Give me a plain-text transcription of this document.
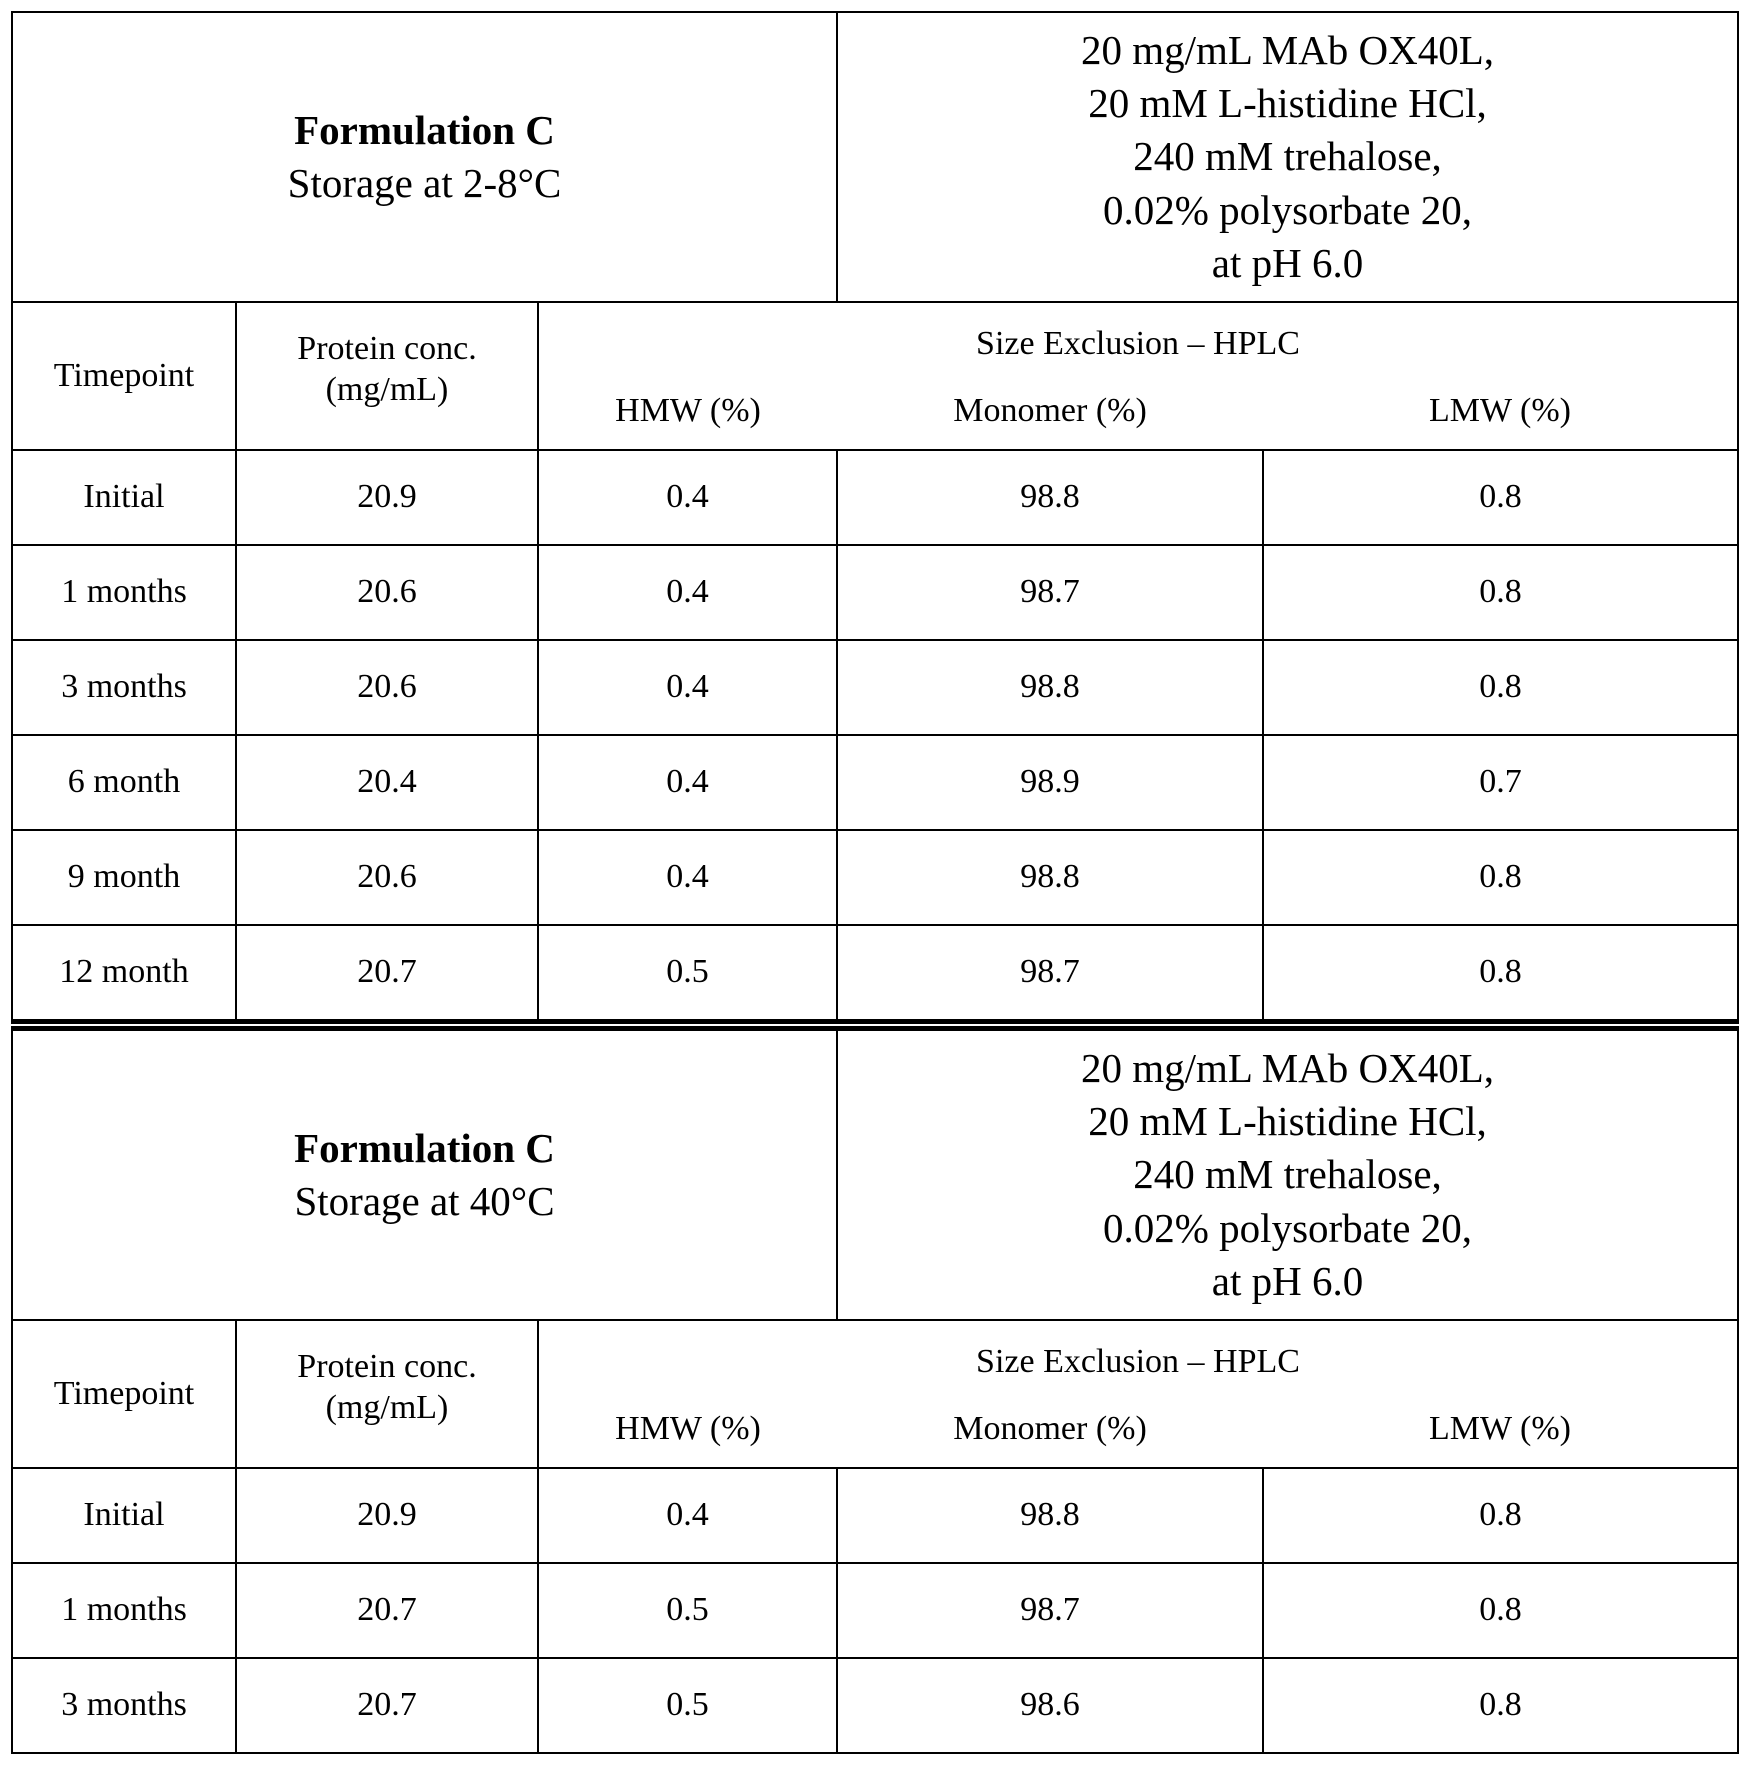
Formulation C
Storage at 2-8°C	20 mg/mL MAb OX40L,
20 mM L-histidine HCl,
240 mM trehalose,
0.02% polysorbate 20,
at pH 6.0
Timepoint	Protein conc. (mg/mL)	Size Exclusion – HPLC
HMW (%)	Monomer (%)	LMW (%)
Initial	20.9	0.4	98.8	0.8
1 months	20.6	0.4	98.7	0.8
3 months	20.6	0.4	98.8	0.8
6 month	20.4	0.4	98.9	0.7
9 month	20.6	0.4	98.8	0.8
12 month	20.7	0.5	98.7	0.8
Formulation C
Storage at 40°C	20 mg/mL MAb OX40L,
20 mM L-histidine HCl,
240 mM trehalose,
0.02% polysorbate 20,
at pH 6.0
Timepoint	Protein conc. (mg/mL)	Size Exclusion – HPLC
HMW (%)	Monomer (%)	LMW (%)
Initial	20.9	0.4	98.8	0.8
1 months	20.7	0.5	98.7	0.8
3 months	20.7	0.5	98.6	0.8
